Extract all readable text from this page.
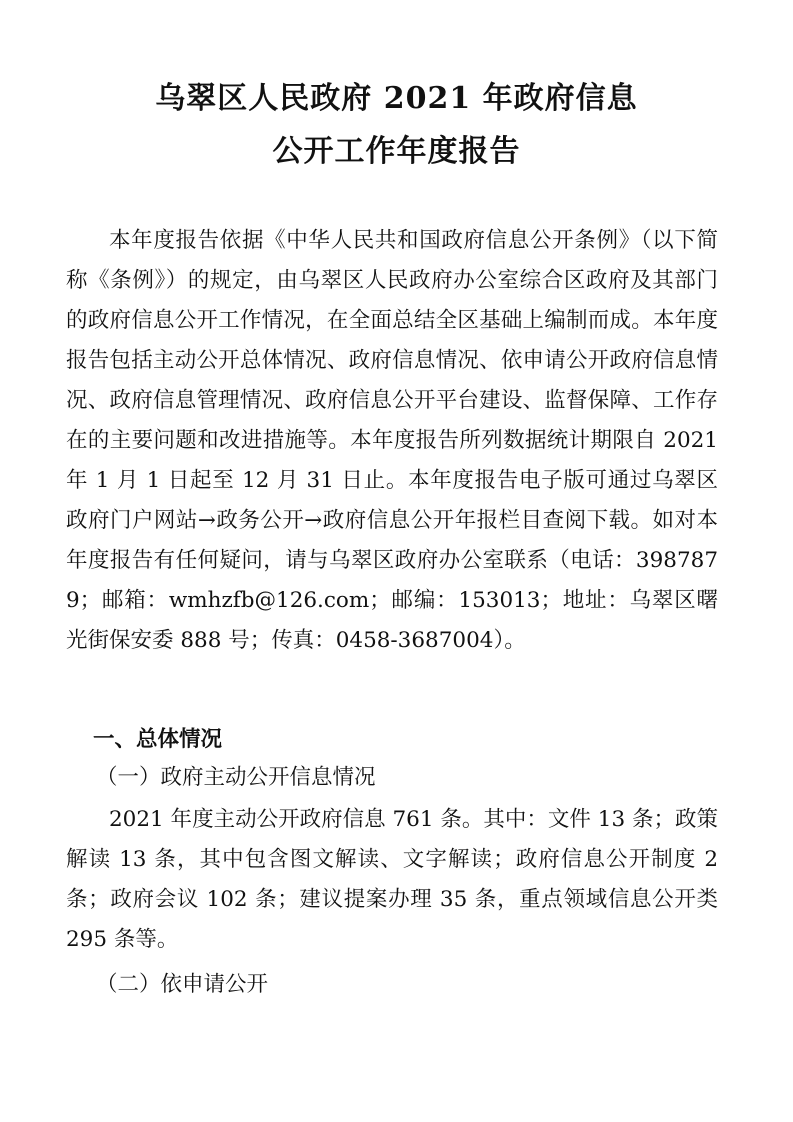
乌翠区人民政府 2021 年政府信息
公开工作年度报告

本年度报告依据《中华人民共和国政府信息公开条例》（以下简称《条例》）的规定，由乌翠区人民政府办公室综合区政府及其部门的政府信息公开工作情况，在全面总结全区基础上编制而成。本年度报告包括主动公开总体情况、政府信息情况、依申请公开政府信息情况、政府信息管理情况、政府信息公开平台建设、监督保障、工作存在的主要问题和改进措施等。本年度报告所列数据统计期限自 2021 年 1 月 1 日起至 12 月 31 日止。本年度报告电子版可通过乌翠区政府门户网站→政务公开→政府信息公开年报栏目查阅下载。如对本年度报告有任何疑问，请与乌翠区政府办公室联系（电话：3987879；邮箱：wmhzfb@126.com；邮编：153013；地址：乌翠区曙光街保安委 888 号；传真：0458-3687004）。

一、总体情况
（一）政府主动公开信息情况

2021 年度主动公开政府信息 761 条。其中：文件 13 条；政策解读 13 条，其中包含图文解读、文字解读；政府信息公开制度 2 条；政府会议 102 条；建议提案办理 35 条，重点领域信息公开类 295 条等。

（二）依申请公开
